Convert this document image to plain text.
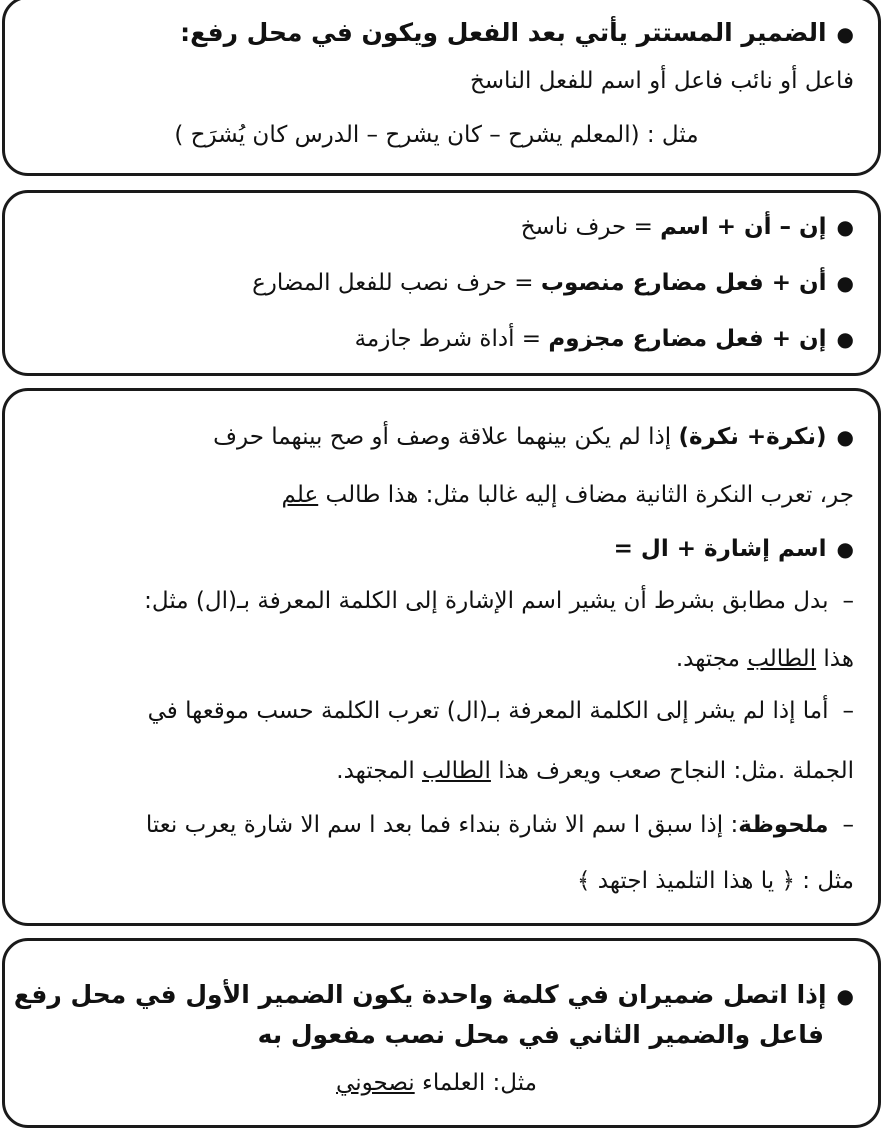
●الضمير المستتر يأتي بعد الفعل ويكون في محل رفع:
فاعل أو نائب فاعل أو اسم للفعل الناسخ
مثل : (المعلم يشرح – كان يشرح – الدرس كان يُشرَح )
●إن – أن + اسم = حرف ناسخ
●أن + فعل مضارع منصوب = حرف نصب للفعل المضارع
●إن + فعل مضارع مجزوم = أداة شرط جازمة
●(نكرة+ نكرة) إذا لم يكن بينهما علاقة وصف أو صح بينهما حرف
جر، تعرب النكرة الثانية مضاف إليه غالبا مثل: هذا طالب علم
●اسم إشارة + ال =
–بدل مطابق بشرط أن يشير اسم الإشارة إلى الكلمة المعرفة بـ(ال) مثل:
هذا الطالب مجتهد.
–أما إذا لم يشر إلى الكلمة المعرفة بـ(ال) تعرب الكلمة حسب موقعها في
الجملة .مثل: النجاح صعب ويعرف هذا الطالب المجتهد.
–ملحوظة: إذا سبق ا سم الا شارة بنداء فما بعد ا سم الا شارة يعرب نعتا
مثل : ﴿ يا هذا التلميذ اجتهد ﴾
●إذا اتصل ضميران في كلمة واحدة يكون الضمير الأول في محل رفع
فاعل والضمير الثاني في محل نصب مفعول به
مثل: العلماء نصحوني
